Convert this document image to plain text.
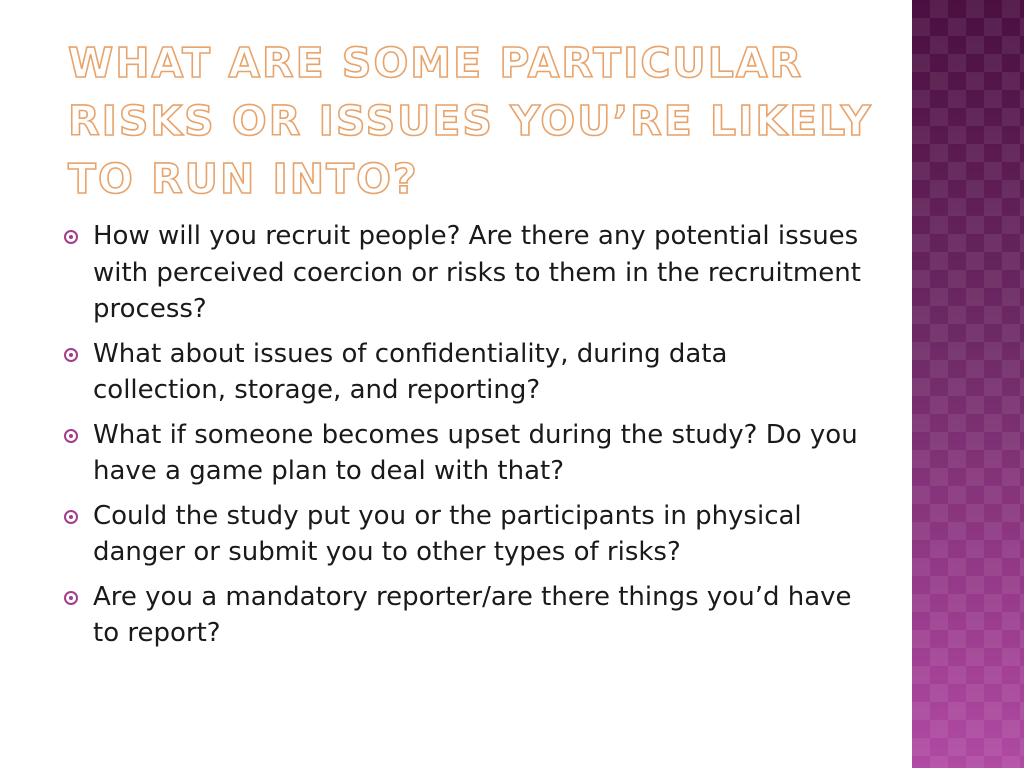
WHAT ARE SOME PARTICULAR RISKS OR ISSUES YOU’RE LIKELY TO RUN INTO?
How will you recruit people? Are there any potential issues with perceived coercion or risks to them in the recruitment process?
What about issues of confidentiality, during data collection, storage, and reporting?
What if someone becomes upset during the study? Do you have a game plan to deal with that?
Could the study put you or the participants in physical danger or submit you to other types of risks?
Are you a mandatory reporter/are there things you’d have to report?
